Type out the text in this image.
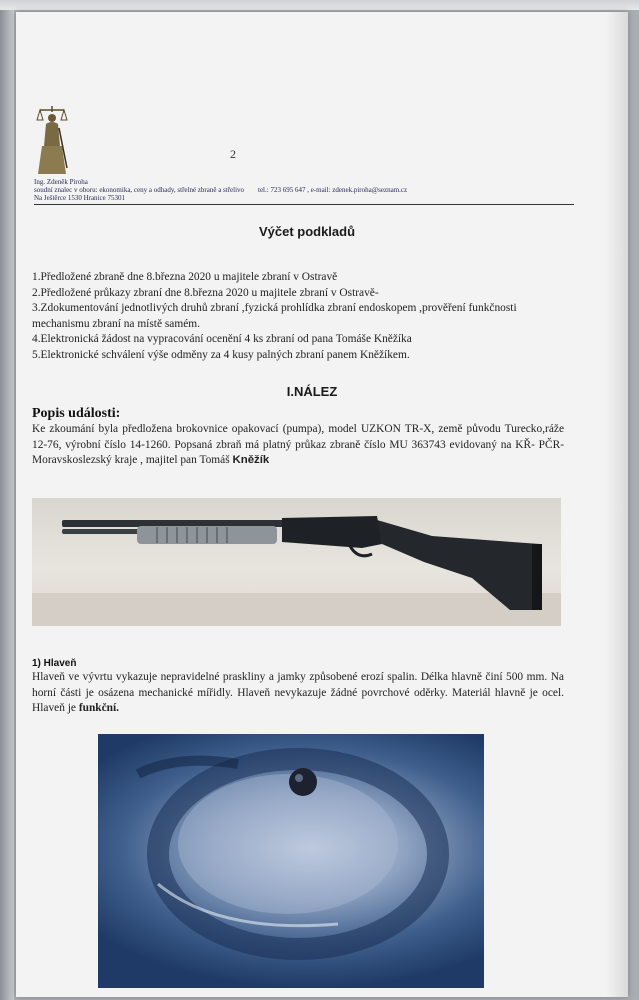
2
Ing. Zdeněk Piroha
soudní znalec v oboru: ekonomika, ceny a odhady, střelné zbraně a střelivo tel.: 723 695 647 , e-mail: zdenek.piroha@seznam.cz
Na Ještěrce 1530 Hranice 75301
Výčet podkladů
1.Předložené zbraně dne 8.března 2020 u majitele zbraní v Ostravě
2.Předložené průkazy zbraní dne 8.března 2020 u majitele zbraní v Ostravě-
3.Zdokumentování jednotlivých druhů zbraní ,fyzická prohlídka zbraní endoskopem ,prověření funkčnosti mechanismu zbraní na místě samém.
4.Elektronická žádost na vypracování ocenění 4 ks zbraní od pana Tomáše Kněžíka
5.Elektronické schválení výše odměny za 4 kusy palných zbraní panem Kněžíkem.
I.NÁLEZ
Popis události:
Ke zkoumání byla předložena brokovnice opakovací (pumpa), model UZKON TR-X, země původu Turecko,ráže 12-76, výrobní číslo 14-1260. Popsaná zbraň má platný průkaz zbraně číslo MU 363743 evidovaný na KŘ- PČR- Moravskoslezský kraje , majitel pan Tomáš Kněžík
1) Hlaveň
Hlaveň ve vývrtu vykazuje nepravidelné praskliny a jamky způsobené erozí spalin. Délka hlavně činí 500 mm. Na horní části je osázena mechanické mířidly. Hlaveň nevykazuje žádné povrchové oděrky. Materiál hlavně je ocel. Hlaveň je funkční.
